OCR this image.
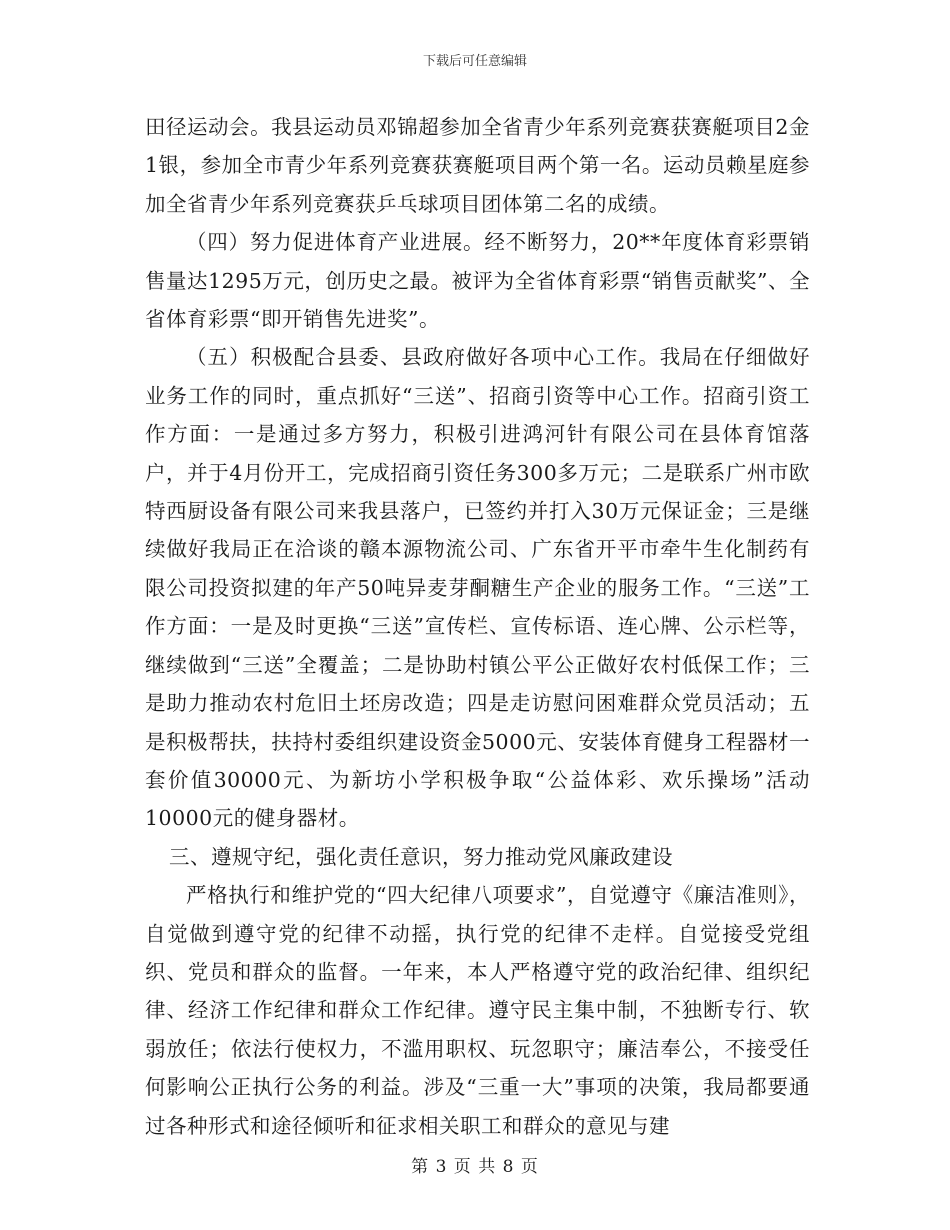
下载后可任意编辑

田径运动会。我县运动员邓锦超参加全省青少年系列竞赛获赛艇项目2金1银，参加全市青少年系列竞赛获赛艇项目两个第一名。运动员赖星庭参加全省青少年系列竞赛获乒乓球项目团体第二名的成绩。

（四）努力促进体育产业进展。经不断努力，20**年度体育彩票销售量达1295万元，创历史之最。被评为全省体育彩票“销售贡献奖”、全省体育彩票“即开销售先进奖”。

（五）积极配合县委、县政府做好各项中心工作。我局在仔细做好业务工作的同时，重点抓好“三送”、招商引资等中心工作。招商引资工作方面：一是通过多方努力，积极引进鸿河针有限公司在县体育馆落户，并于4月份开工，完成招商引资任务300多万元；二是联系广州市欧特西厨设备有限公司来我县落户，已签约并打入30万元保证金；三是继续做好我局正在洽谈的赣本源物流公司、广东省开平市牵牛生化制药有限公司投资拟建的年产50吨异麦芽酮糖生产企业的服务工作。“三送”工作方面：一是及时更换“三送”宣传栏、宣传标语、连心牌、公示栏等，继续做到“三送”全覆盖；二是协助村镇公平公正做好农村低保工作；三是助力推动农村危旧土坯房改造；四是走访慰问困难群众党员活动；五是积极帮扶，扶持村委组织建设资金5000元、安装体育健身工程器材一套价值30000元、为新坊小学积极争取“公益体彩、欢乐操场”活动10000元的健身器材。

三、遵规守纪，强化责任意识，努力推动党风廉政建设

严格执行和维护党的“四大纪律八项要求”，自觉遵守《廉洁准则》，自觉做到遵守党的纪律不动摇，执行党的纪律不走样。自觉接受党组织、党员和群众的监督。一年来，本人严格遵守党的政治纪律、组织纪律、经济工作纪律和群众工作纪律。遵守民主集中制，不独断专行、软弱放任；依法行使权力，不滥用职权、玩忽职守；廉洁奉公，不接受任何影响公正执行公务的利益。涉及“三重一大”事项的决策，我局都要通过各种形式和途径倾听和征求相关职工和群众的意见与建

第 3 页 共 8 页
